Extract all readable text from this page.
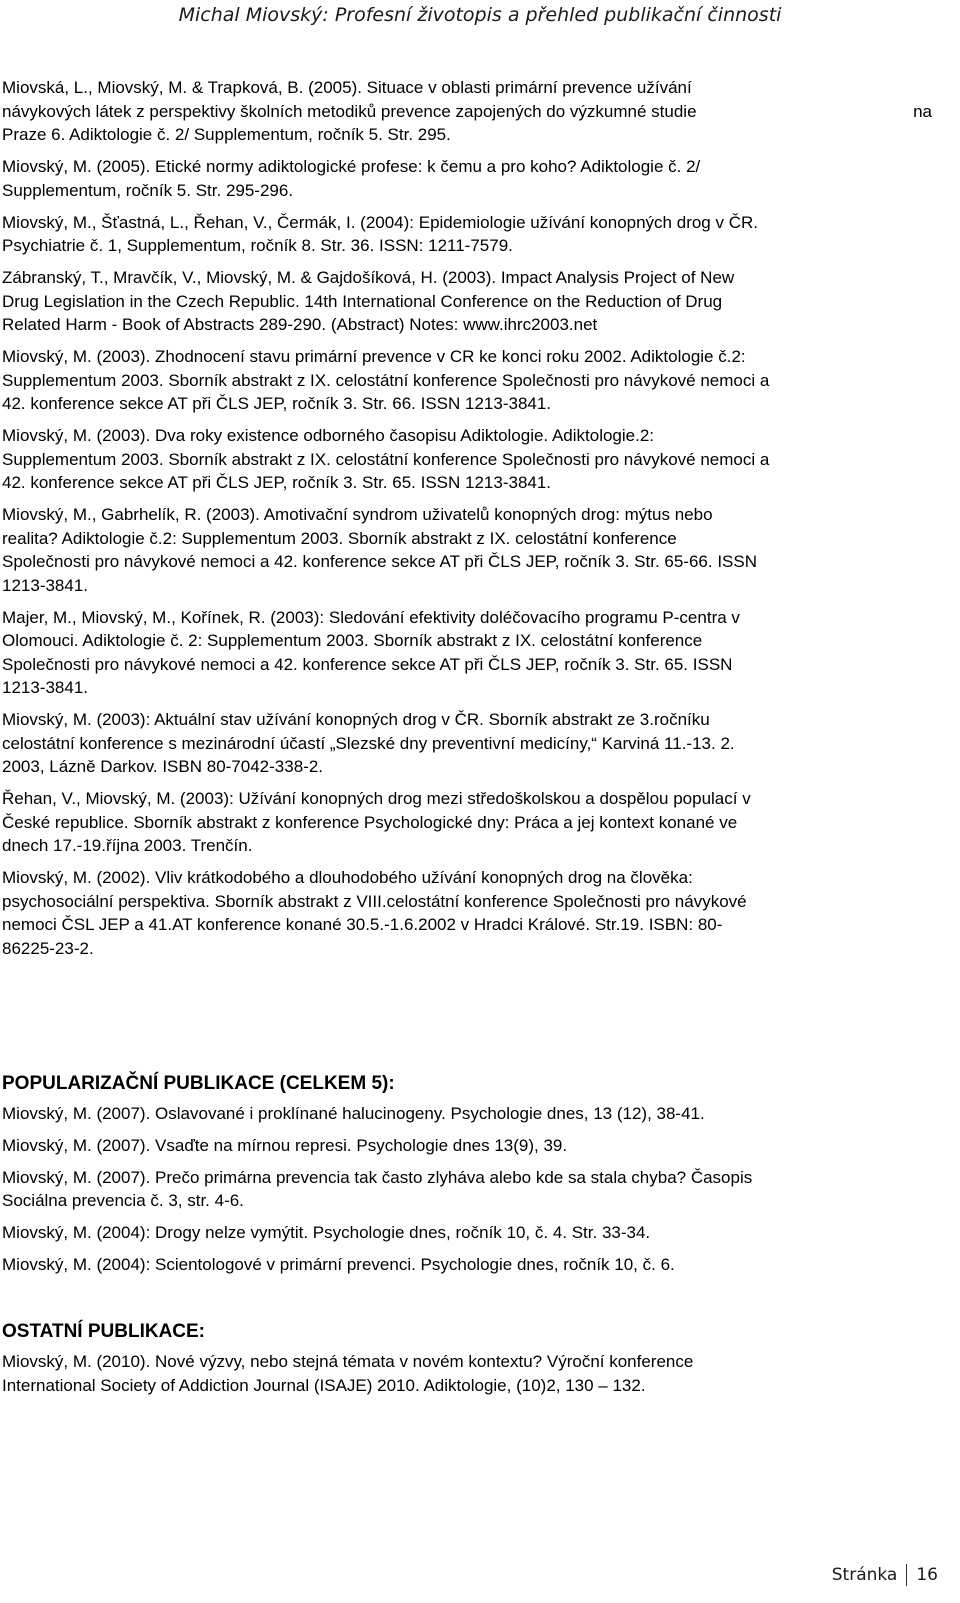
Michal Miovský: Profesní životopis a přehled publikační činnosti
Miovská, L., Miovský, M. & Trapková, B. (2005). Situace v oblasti primární prevence užívání
návykových látek z perspektivy školních metodiků prevence zapojených do výzkumné studie	na
Praze 6. Adiktologie č. 2/ Supplementum, ročník 5. Str. 295.
Miovský, M. (2005). Etické normy adiktologické profese: k čemu a pro koho? Adiktologie č. 2/
Supplementum, ročník 5. Str. 295-296.
Miovský, M., Šťastná, L., Řehan, V., Čermák, I. (2004): Epidemiologie užívání konopných drog v ČR.
Psychiatrie č. 1, Supplementum, ročník 8. Str. 36. ISSN: 1211-7579.
Zábranský, T., Mravčík, V., Miovský, M. & Gajdošíková, H. (2003). Impact Analysis Project of New
Drug Legislation in the Czech Republic. 14th International Conference on the Reduction of Drug
Related Harm - Book of Abstracts 289-290. (Abstract) Notes: www.ihrc2003.net
Miovský, M. (2003). Zhodnocení stavu primární prevence v CR ke konci roku 2002. Adiktologie č.2:
Supplementum 2003. Sborník abstrakt z IX. celostátní konference Společnosti pro návykové nemoci a
42. konference sekce AT při ČLS JEP, ročník 3. Str. 66. ISSN 1213-3841.
Miovský, M. (2003). Dva roky existence odborného časopisu Adiktologie. Adiktologie.2:
Supplementum 2003. Sborník abstrakt z IX. celostátní konference Společnosti pro návykové nemoci a
42. konference sekce AT při ČLS JEP, ročník 3. Str. 65. ISSN 1213-3841.
Miovský, M., Gabrhelík, R. (2003). Amotivační syndrom uživatelů konopných drog: mýtus nebo
realita? Adiktologie č.2: Supplementum 2003. Sborník abstrakt z IX. celostátní konference
Společnosti pro návykové nemoci a 42. konference sekce AT při ČLS JEP, ročník 3. Str. 65-66. ISSN
1213-3841.
Majer, M., Miovský, M., Kořínek, R. (2003): Sledování efektivity doléčovacího programu P-centra v
Olomouci. Adiktologie č. 2: Supplementum 2003. Sborník abstrakt z IX. celostátní konference
Společnosti pro návykové nemoci a 42. konference sekce AT při ČLS JEP, ročník 3. Str. 65. ISSN
1213-3841.
Miovský, M. (2003): Aktuální stav užívání konopných drog v ČR. Sborník abstrakt ze 3.ročníku
celostátní konference s mezinárodní účastí „Slezské dny preventivní medicíny,“ Karviná 11.-13. 2.
2003, Lázně Darkov. ISBN 80-7042-338-2.
Řehan, V., Miovský, M. (2003): Užívání konopných drog mezi středoškolskou a dospělou populací v
České republice. Sborník abstrakt z konference Psychologické dny: Práca a jej kontext konané ve
dnech 17.-19.října 2003. Trenčín.
Miovský, M. (2002). Vliv krátkodobého a dlouhodobého užívání konopných drog na člověka:
psychosociální perspektiva. Sborník abstrakt z VIII.celostátní konference Společnosti pro návykové
nemoci ČSL JEP a 41.AT konference konané 30.5.-1.6.2002 v Hradci Králové. Str.19. ISBN: 80-
86225-23-2.
POPULARIZAČNÍ PUBLIKACE (CELKEM 5):
Miovský, M. (2007). Oslavované i proklínané halucinogeny. Psychologie dnes, 13 (12), 38-41.
Miovský, M. (2007). Vsaďte na mírnou represi. Psychologie dnes 13(9), 39.
Miovský, M. (2007). Prečo primárna prevencia tak často zlyháva alebo kde sa stala chyba? Časopis
Sociálna prevencia č. 3, str. 4-6.
Miovský, M. (2004): Drogy nelze vymýtit. Psychologie dnes, ročník 10, č. 4. Str. 33-34.
Miovský, M. (2004): Scientologové v primární prevenci. Psychologie dnes, ročník 10, č. 6.
OSTATNÍ PUBLIKACE:
Miovský, M. (2010). Nové výzvy, nebo stejná témata v novém kontextu? Výroční konference
International Society of Addiction Journal (ISAJE) 2010. Adiktologie, (10)2, 130 – 132.
Stránka 16
